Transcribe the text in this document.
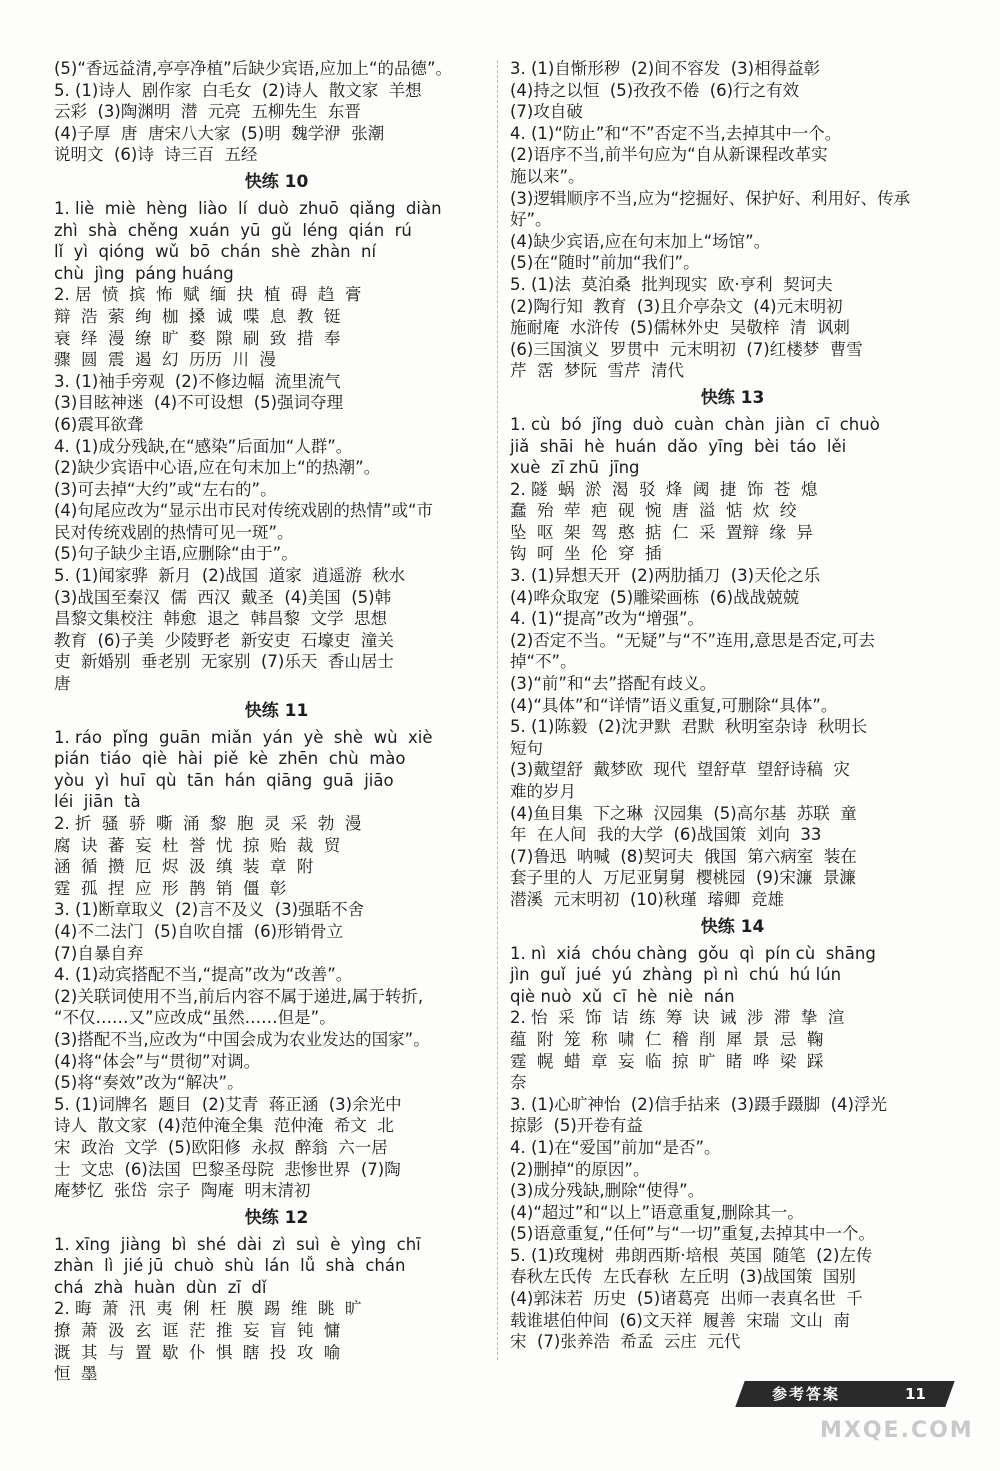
(5)“香远益清,亭亭净植”后缺少宾语,应加上“的品德”。
5. (1)诗人  剧作家  白毛女  (2)诗人  散文家  羊想
云彩  (3)陶渊明  潜  元亮  五柳先生  东晋
(4)子厚  唐  唐宋八大家  (5)明  魏学洢  张潮
说明文  (6)诗  诗三百  五经
快练 10
1. liè  miè  hèng  liào  lí  duò  zhuō  qiǎng  diàn
zhì  shà  chěng  xuán  yū  gǔ  léng  qián  rú
lǐ  yì  qióng  wǔ  bō  chán  shè  zhàn  ní
chù  jìng  páng huáng
2. 居  愤  摈  怖  赋  缅  抉  植  碍  趋  膏
辩  浩  萦  绚  枷  搡  诚  喋  息  教  铤
衰  绎  漫  缭  旷  婺  隙  刷  致  措  奉
骤  圆  震  遏  幻  历历  川  漫
3. (1)袖手旁观  (2)不修边幅  流里流气
(3)目眩神迷  (4)不可设想  (5)强词夺理
(6)震耳欲聋
4. (1)成分残缺,在“感染”后面加“人群”。
(2)缺少宾语中心语,应在句末加上“的热潮”。
(3)可去掉“大约”或“左右的”。
(4)句尾应改为“显示出市民对传统戏剧的热情”或“市
民对传统戏剧的热情可见一斑”。
(5)句子缺少主语,应删除“由于”。
5. (1)闻家骅  新月  (2)战国  道家  逍遥游  秋水
(3)战国至秦汉  儒  西汉  戴圣  (4)美国  (5)韩
昌黎文集校注  韩愈  退之  韩昌黎  文学  思想
教育  (6)子美  少陵野老  新安吏  石壕吏  潼关
吏  新婚别  垂老别  无家别  (7)乐天  香山居士
唐
快练 11
1. ráo  pǐng  guān  miǎn  yán  yè  shè  wù  xiè
pián  tiáo  qiè  hài  piě  kè  zhēn  chù  mào
yòu  yì  huī  qù  tān  hán  qiāng  guā  jiāo
léi  jiān  tà
2. 折  骚  骄  嘶  涌  黎  胞  灵  采  勃  漫
腐  诀  蕃  妄  杜  誉  忧  掠  贻  裁  贸
涵  循  攒  厄  烬  汲  缜  装  章  附
霆  孤  捏  应  形  鹊  销  僵  彰
3. (1)断章取义  (2)言不及义  (3)强聒不舍
(4)不二法门  (5)自吹自擂  (6)形销骨立
(7)自暴自弃
4. (1)动宾搭配不当,“提高”改为“改善”。
(2)关联词使用不当,前后内容不属于递进,属于转折,
“不仅……又”应改成“虽然……但是”。
(3)搭配不当,应改为“中国会成为农业发达的国家”。
(4)将“体会”与“贯彻”对调。
(5)将“奏效”改为“解决”。
5. (1)词牌名  题目  (2)艾青  蒋正涵  (3)余光中
诗人  散文家  (4)范仲淹全集  范仲淹  希文  北
宋  政治  文学  (5)欧阳修  永叔  醉翁  六一居
士  文忠  (6)法国  巴黎圣母院  悲惨世界  (7)陶
庵梦忆  张岱  宗子  陶庵  明末清初
快练 12
1. xīng  jiàng  bì  shé  dài  zì  suì  è  yìng  chī
zhàn  lì  jié jū  chuò  shù  lán  lǚ  shà  chán
chá  zhà  huàn  dùn  zī  dǐ
2. 晦  萧  汛  夷  俐  枉  膜  踢  维  眺  旷
撩  萧  汲  玄  诓  茫  推  妄  盲  钝  慵
溉  其  与  置  歇  仆  惧  瞎  投  攻  喻
恒  墨
3. (1)自惭形秽  (2)间不容发  (3)相得益彰
(4)持之以恒  (5)孜孜不倦  (6)行之有效
(7)攻自破
4. (1)“防止”和“不”否定不当,去掉其中一个。
(2)语序不当,前半句应为“自从新课程改革实
施以来”。
(3)逻辑顺序不当,应为“挖掘好、保护好、利用好、传承
好”。
(4)缺少宾语,应在句末加上“场馆”。
(5)在“随时”前加“我们”。
5. (1)法  莫泊桑  批判现实  欧·亨利  契诃夫
(2)陶行知  教育  (3)且介亭杂文  (4)元末明初
施耐庵  水浒传  (5)儒林外史  吴敬梓  清  讽刺
(6)三国演义  罗贯中  元末明初  (7)红楼梦  曹雪
芹  霑  梦阮  雪芹  清代
快练 13
1. cù  bó  jǐng  duò  cuàn  chàn  jiàn  cī  chuò
jiǎ  shāi  hè  huán  dǎo  yīng  bèi  táo  lěi
xuè  zī zhū  jīng
2. 隧  蜗  淤  渴  驳  烽  阈  捷  饰  苍  熄
蠢  殆  荦  疤  砚  惋  唐  溢  惦  炊  绞
坠  呕  架  驾  憨  掂  仁  采  置辩  缘  异
钩  呵  坐  伦  穿  插
3. (1)异想天开  (2)两肋插刀  (3)天伦之乐
(4)哗众取宠  (5)雕梁画栋  (6)战战兢兢
4. (1)“提高”改为“增强”。
(2)否定不当。“无疑”与“不”连用,意思是否定,可去
掉“不”。
(3)“前”和“去”搭配有歧义。
(4)“具体”和“详情”语义重复,可删除“具体”。
5. (1)陈毅  (2)沈尹默  君默  秋明室杂诗  秋明长
短句
(3)戴望舒  戴梦欧  现代  望舒草  望舒诗稿  灾
难的岁月
(4)鱼目集  下之琳  汉园集  (5)高尔基  苏联  童
年  在人间  我的大学  (6)战国策  刘向  33
(7)鲁迅  呐喊  (8)契诃夫  俄国  第六病室  装在
套子里的人  万尼亚舅舅  樱桃园  (9)宋濂  景濂
潜溪  元末明初  (10)秋瑾  璿卿  竞雄
快练 14
1. nì  xiá  chóu chàng  gǒu  qì  pín cù  shāng
jìn  guǐ  jué  yú  zhàng  pì nì  chú  hú lún
qiè nuò  xǔ  cī  hè  niè  nán
2. 怡  采  饰  诘  练  筹  诀  诫  涉  滞  挚  渲
蕴  附  笼  称  啸  仁  稽  削  犀  景  忌  鞠
霆  幌  蜡  章  妄  临  掠  旷  睹  哗  梁  踩
奈
3. (1)心旷神怡  (2)信手拈来  (3)蹑手蹑脚  (4)浮光
掠影  (5)开卷有益
4. (1)在“爱国”前加“是否”。
(2)删掉“的原因”。
(3)成分残缺,删除“使得”。
(4)“超过”和“以上”语意重复,删除其一。
(5)语意重复,“任何”与“一切”重复,去掉其中一个。
5. (1)玫瑰树  弗朗西斯·培根  英国  随笔  (2)左传
春秋左氏传  左氏春秋  左丘明  (3)战国策  国别
(4)郭沫若  历史  (5)诸葛亮  出师一表真名世  千
载谁堪伯仲间  (6)文天祥  履善  宋瑞  文山  南
宋  (7)张养浩  希孟  云庄  元代
参考答案	11
MXQE.COM
